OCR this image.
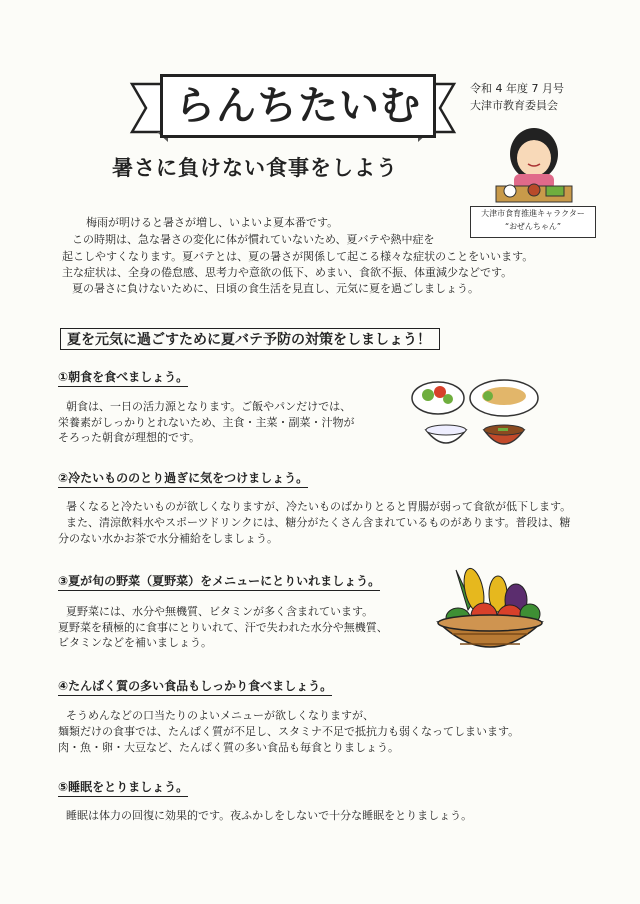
らんちたいむ	令和 4 年度 7 月号
大津市教育委員会
暑さに負けない食事をしよう
大津市食育推進キャラクター
“おぜんちゃん”
梅雨が明けると暑さが増し、いよいよ夏本番です。
この時期は、急な暑さの変化に体が慣れていないため、夏バテや熱中症を
起こしやすくなります。夏バテとは、夏の暑さが関係して起こる様々な症状のことをいいます。
主な症状は、全身の倦怠感、思考力や意欲の低下、めまい、食欲不振、体重減少などです。
夏の暑さに負けないために、日頃の食生活を見直し、元気に夏を過ごしましょう。
夏を元気に過ごすために夏バテ予防の対策をしましょう！
①朝食を食べましょう。
朝食は、一日の活力源となります。ご飯やパンだけでは、
栄養素がしっかりとれないため、主食・主菜・副菜・汁物が
そろった朝食が理想的です。
②冷たいもののとり過ぎに気をつけましょう。
暑くなると冷たいものが欲しくなりますが、冷たいものばかりとると胃腸が弱って食欲が低下します。
また、清涼飲料水やスポーツドリンクには、糖分がたくさん含まれているものがあります。普段は、糖
分のない水かお茶で水分補給をしましょう。
③夏が旬の野菜（夏野菜）をメニューにとりいれましょう。
夏野菜には、水分や無機質、ビタミンが多く含まれています。
夏野菜を積極的に食事にとりいれて、汗で失われた水分や無機質、
ビタミンなどを補いましょう。
④たんぱく質の多い食品もしっかり食べましょう。
そうめんなどの口当たりのよいメニューが欲しくなりますが、
麺類だけの食事では、たんぱく質が不足し、スタミナ不足で抵抗力も弱くなってしまいます。
肉・魚・卵・大豆など、たんぱく質の多い食品も毎食とりましょう。
⑤睡眠をとりましょう。
睡眠は体力の回復に効果的です。夜ふかしをしないで十分な睡眠をとりましょう。
